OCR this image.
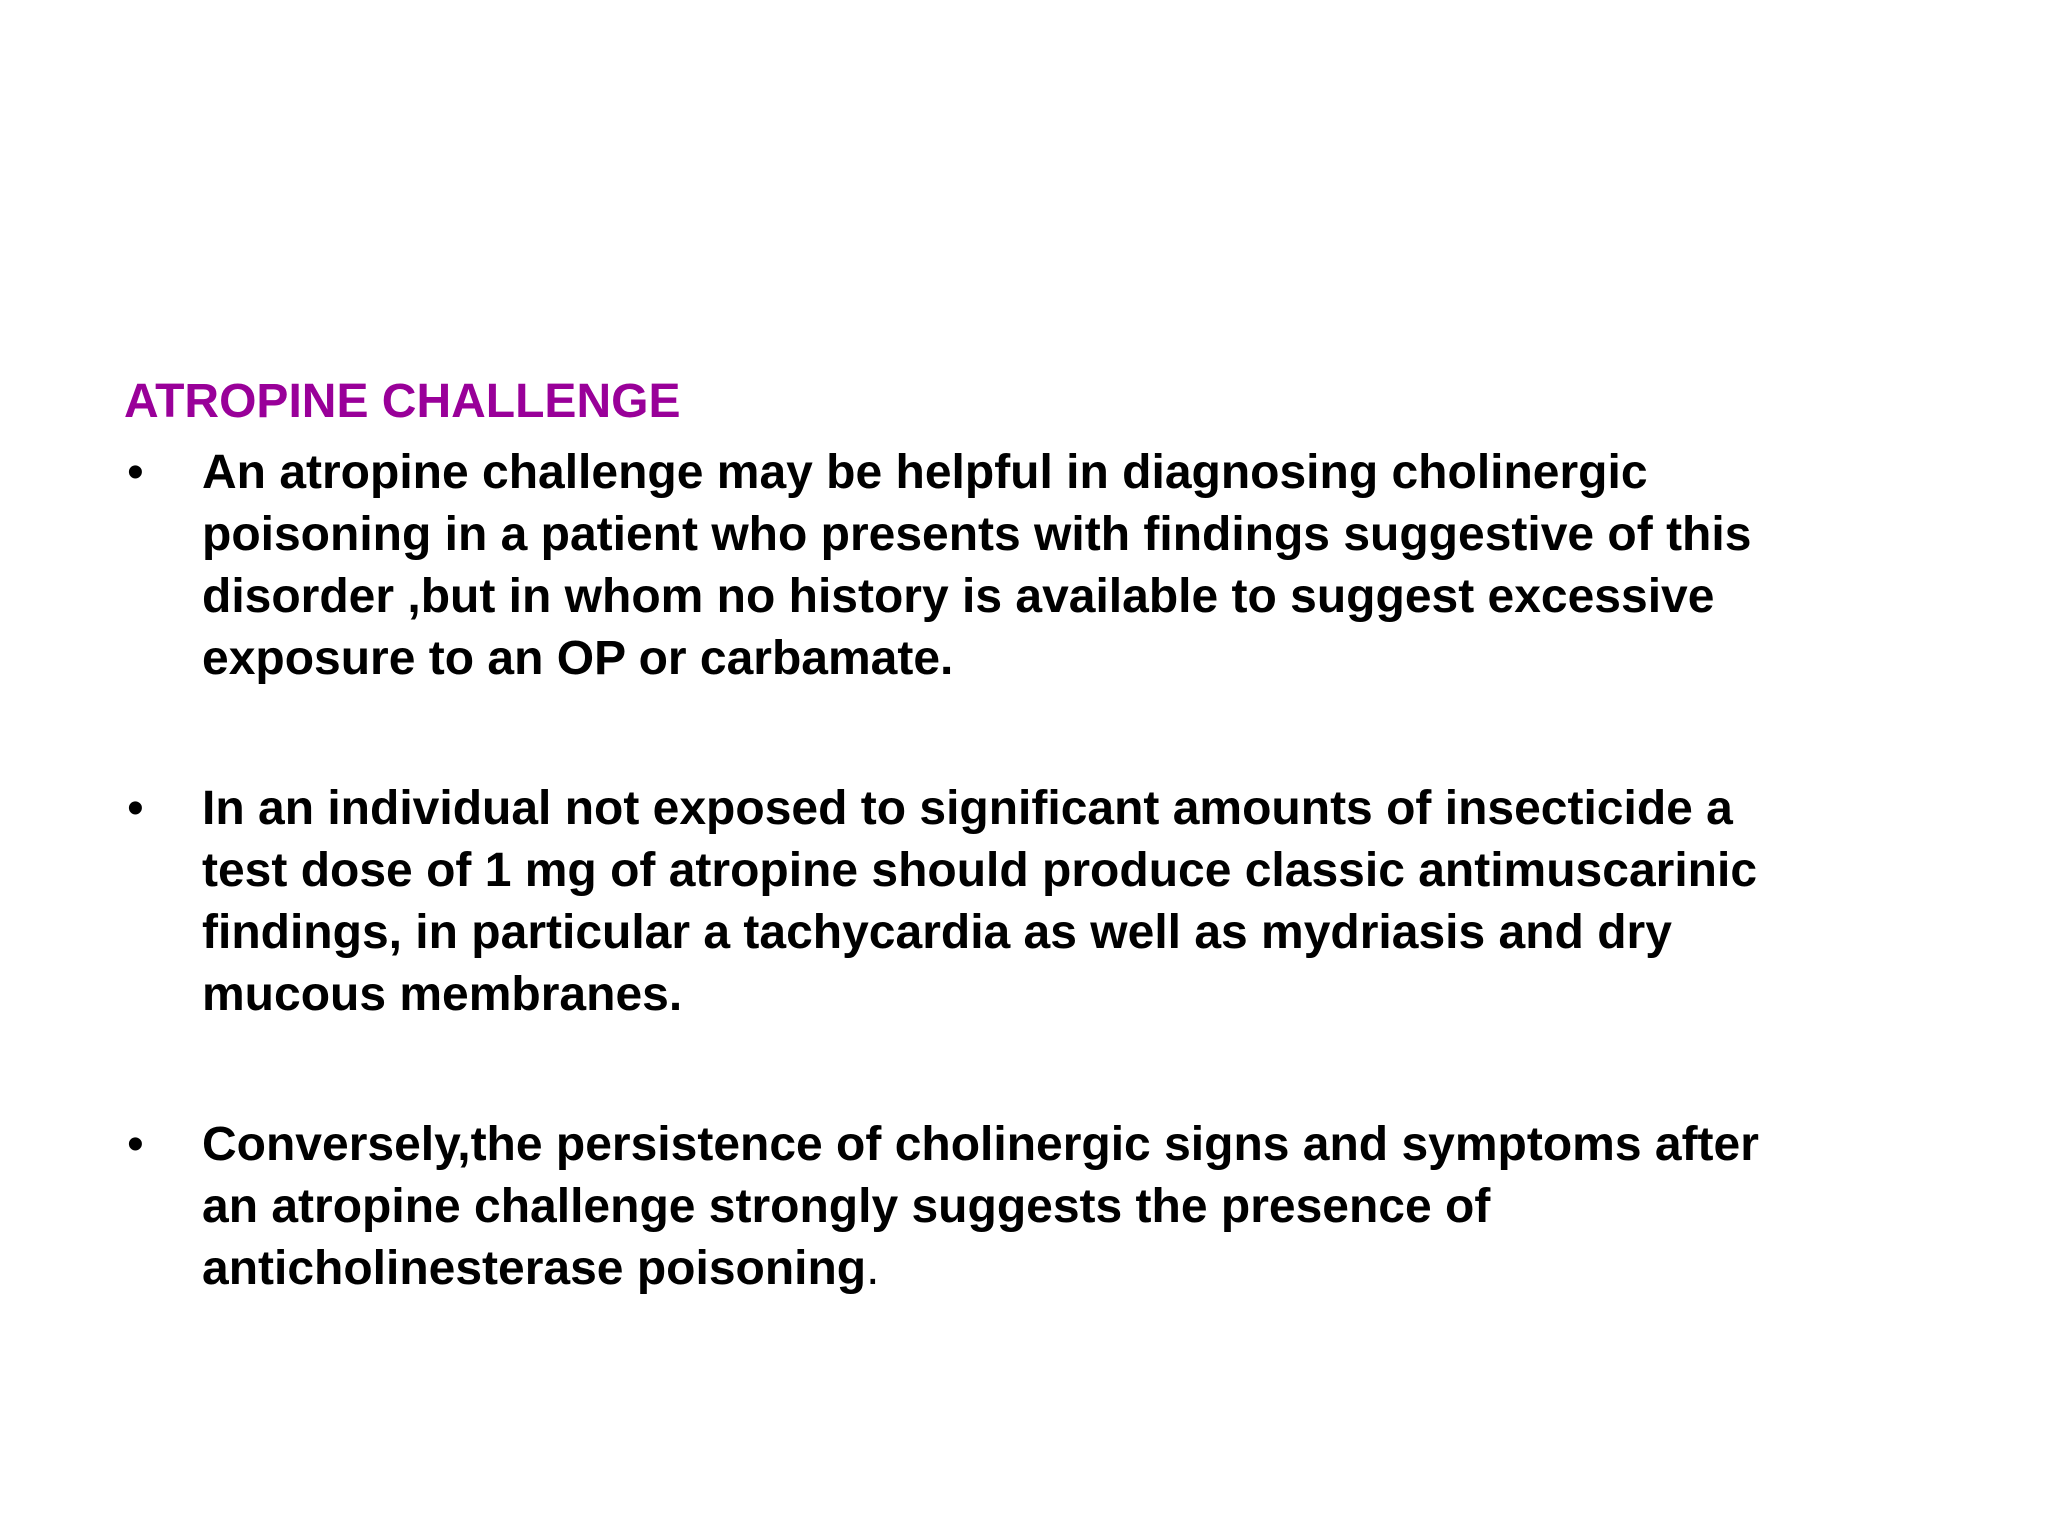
ATROPINE CHALLENGE
• An atropine challenge may be helpful in diagnosing cholinergic
poisoning in a patient who presents with findings suggestive of this
disorder ,but in whom no history is available to suggest excessive
exposure to an OP or carbamate.
• In an individual not exposed to significant amounts of insecticide a
test dose of 1 mg of atropine should produce classic antimuscarinic
findings, in particular a tachycardia as well as mydriasis and dry
mucous membranes.
• Conversely,the persistence of cholinergic signs and symptoms after
an atropine challenge strongly suggests the presence of
anticholinesterase poisoning.
